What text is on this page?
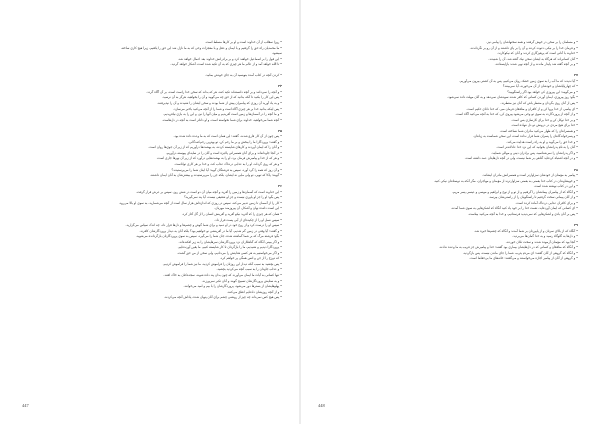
• روزا سقلاب از آن خداوند است و او بر کارها مسلط است.
• ما محمدیان راه حق را گرفتیم و با ایمان و عقل و با معجزات وحی که به ما نازل شد این حق را یافتیم، زیرا هیچ کاری ساخته
نمیشود.
• این قول را بر اسماعیل خواهند کرد و بر برادرانش خداوند بعد اعمال خواهد شد.
• تا الله خواهد آمد و از عالم ما هر چیزی که به آن تکیه شده است، آشکار خواهد گردید.
• کردن آنچه در کتاب آمده بنویسید آن به جای خودش بمانید.
۲۴
• و آنچه را نمی‌دانند و بر آنچه دانسته‌اند تکیه کنند، هر که بداند که سخن خدا راست است، بر آن آگاه گردد.
• پس این کار را بکنید تا آنکه بدانید که از حق چه می‌گویید و آن را بخواهید، هرگز به آن نرسید.
• و به یاد آورید آن روزی که پیامبران پیش از شما بودند و سخن ایشان را شنیدند و آن را نپذیرفتند.
• پس اینکه بدانید خدا بر هر چیزی آگاه است و شما را از آنچه می‌کنید باخبر می‌سازد.
• و ما آنچه را در آسمان‌ها و زمین است آفریدیم و میان آنها را نیز، و این را به بازی نیافریدیم.
• آنچه شما می‌خواهید، خداوند برای شما نخواسته است، و او داناتر است به آنچه در دل‌هاست.
۲۵
• پس چون از آن کار فارغ شدند، گفتند: این همان است که به ما وعده داده شده بود.
• و گفتند: پروردگارا ما را ببخش و بر ما رحم کن، تو بهترین رحم‌کنندگانی.
• و آنان را که ایمان آوردند و کارهای شایسته کردند، به بهشت‌ها درآوریم که از زیر آن جوی‌ها روان است.
• در آنجا جاودانه‌اند و برای آنان همسرانی پاکیزه است و آنان را در سایه‌ای پیوسته درآوریم.
• و هر که از خدا و پیامبرش فرمان برد، او را به بهشت‌هایی درآورد که از زیر آن نهرها جاری است.
• و هر که روی گرداند، او را به عذابی دردناک عذاب کند، و خدا بر هر کاری تواناست.
• و آن روز که همه را گرد آورد، سپس به فرشتگان گوید: آیا اینان شما را می‌پرستیدند؟
• گویند: پاکا که تویی، تو ولی مایی نه ایشان، بلکه جن را می‌پرستیدند و بیشترشان به آنان ایمان داشتند.
۲۶
• این خداوند است که آسمان‌ها و زمین را آفرید و آنچه میان آن دو است در شش روز، سپس بر عرش قرار گرفت.
• پس بگو: او را جز او یاوری نیست و جز او شفیعی نیست، آیا پند نمی‌گیرید؟
• کار را از آسمان تا زمین تدبیر می‌کند، سپس در روزی که اندازه‌اش هزار سال است از آنچه می‌شمارید، به سوی او بالا می‌رود.
• این است داننده نهان و آشکار، آن پیروزمند مهربان.
• همان که هر چیزی را که آفرید نیکو آفرید و آفرینش انسان را از گل آغاز کرد.
• سپس نسل او را از چکیده‌ای از آبی پست قرار داد.
• سپس او را درست کرد و از روح خود در او دمید و برای شما گوش و چشم‌ها و دل‌ها قرار داد، چه اندک سپاس می‌گزارید.
• و گفتند: آیا وقتی در زمین گم شدیم، آیا ما در آفرینشی نو خواهیم بود؟ بلکه آنان به دیدار پروردگارشان کافرند.
• بگو: فرشته مرگ که بر شما گماشته شده، جان شما را می‌گیرد، سپس به سوی پروردگارتان بازگردانده می‌شوید.
• و اگر ببینی آنگاه که گناهکاران نزد پروردگارشان سرهایشان را به زیر افکنده‌اند.
• پروردگارا دیدیم و شنیدیم، ما را بازگردان تا کار شایسته کنیم، ما یقین آورنده‌ایم.
• و اگر می‌خواستیم به هر کسی هدایتش را می‌دادیم، ولی سخن از من حق گشت.
• که دوزخ را از جن و انس همگی پر خواهم کرد.
• پس بچشید به سبب آنکه دیدار این روزتان را فراموش کردید، ما نیز شما را فراموش کردیم.
• و عذاب جاودان را به سبب آنچه می‌کردید بچشید.
• تنها کسانی به آیات ما ایمان می‌آورند که چون بدان پند داده شوند، سجده‌کنان به خاک افتند.
• و به ستایش پروردگارشان تسبیح گویند و آنان تکبر نمی‌ورزند.
• پهلوهایشان از بسترها دور می‌شود، پروردگارشان را با بیم و امید می‌خوانند.
• و از آنچه روزیشان داده‌ایم انفاق می‌کنند.
• پس هیچ کس نمی‌داند چه چیز از روشنی چشم برای آنان پنهان شده، پاداش آنچه می‌کردند.
447
• و مسلمان را بر سخن در خوش گرفتند و همه سخنها‌شان را پیامی نیز.
• و فرمان خدا را بر نیکی دعوت کردند و آن را بر پای داشتند و از آن رو بر نگرداندند.
• خداوند با آنانی است که پرهیزگاری کردند و آنان که نیکوکارند.
• آنان کسانی‌اند که هرگاه به ایشان سخن نیک گفته شد، آن را شنیدند.
• و بر آنچه گفته شد پایدار ماندند و از آنچه نهی شدند بازایستادند.
۲۷
• آیا ندیدند که ما آب را به سوی زمین خشک روان می‌کنیم، پس به آن کشتی بیرون می‌آوریم.
• که چهارپایانشان و خودشان از آن می‌خورند، آیا نمی‌بینند؟
• و می‌گویند: این پیروزی کی خواهد بود اگر راستگویید؟
• بگو: روز پیروزی، ایمان آوردن کسانی که کافر شدند سودشان نمی‌دهد و به آنان مهلت داده نمی‌شود.
• پس از آنان روی بگردان و منتظر باش که آنان نیز منتظرند.
• ای پیامبر، از خدا پروا کن و از کافران و منافقان فرمان مبر، که خدا دانای حکیم است.
• و از آنچه از پروردگارت به سوی تو وحی می‌شود پیروی کن، که خدا به آنچه می‌کنید آگاه است.
• و بر خدا توکل کن و خدا برای کارسازی بس است.
• خدا برای هیچ مردی در درونش دو دل ننهاده است.
• و همسرانتان را که ظهار می‌کنید مادران شما نساخته است.
• و پسرخواندگانتان را پسران شما قرار نداده است، این سخن شماست به زبانتان.
• و خدا حق را می‌گوید و او به راه راست هدایت می‌کند.
• آنان را به نام پدرانشان بخوانید که این نزد خدا عادلانه‌تر است.
• و اگر پدرانشان را نمی‌شناسید، پس برادران دینی و موالی شمایند.
• و در آنچه اشتباه کرده‌اید گناهی بر شما نیست، ولی در آنچه دل‌هایتان عمد داشته است.
۲۸
• پیامبر به مؤمنان از خودشان سزاوارتر است و همسرانش مادران ایشانند.
• و خویشاوندان در کتاب خدا بعضی به بعضی سزاوارترند از مؤمنان و مهاجران، مگر آنکه به دوستانتان نیکی کنید.
• و این در کتاب نوشته شده است.
• و آنگاه که از پیامبران پیمانشان را گرفتیم و از تو و از نوح و ابراهیم و موسی و عیسی پسر مریم.
• و از آنان پیمانی سخت گرفتیم تا راستگویان را از راستی‌شان بپرسد.
• و برای کافران عذابی دردناک آماده کرده است.
• ای کسانی که ایمان آورده‌اید، نعمت خدا را بر خود یاد کنید آنگاه که لشکرهایی به سوی شما آمدند.
• پس بر آنان بادی و لشکرهایی که نمی‌دیدید فرستادیم، و خدا به آنچه می‌کنید بیناست.
۲۹
• آنگاه که از بالای سرتان و از پایین‌تان بر شما آمدند و آنگاه که چشم‌ها خیره شد.
• و دل‌ها به گلوگاه رسید و به خدا گمان‌ها می‌بردید.
• آنجا بود که مؤمنان آزموده شدند و سخت تکان خوردند.
• و آنگاه که منافقان و کسانی که در دل‌هایشان بیماری بود گفتند: خدا و پیامبرش جز فریب به ما وعده ندادند.
• و آنگاه که گروهی از آنان گفتند: ای مردم یثرب، شما را جای ماندن نیست، پس بازگردید.
• و گروهی از آنان از پیامبر اجازه می‌خواستند و می‌گفتند: خانه‌های ما بی‌حفاظ است.
448
